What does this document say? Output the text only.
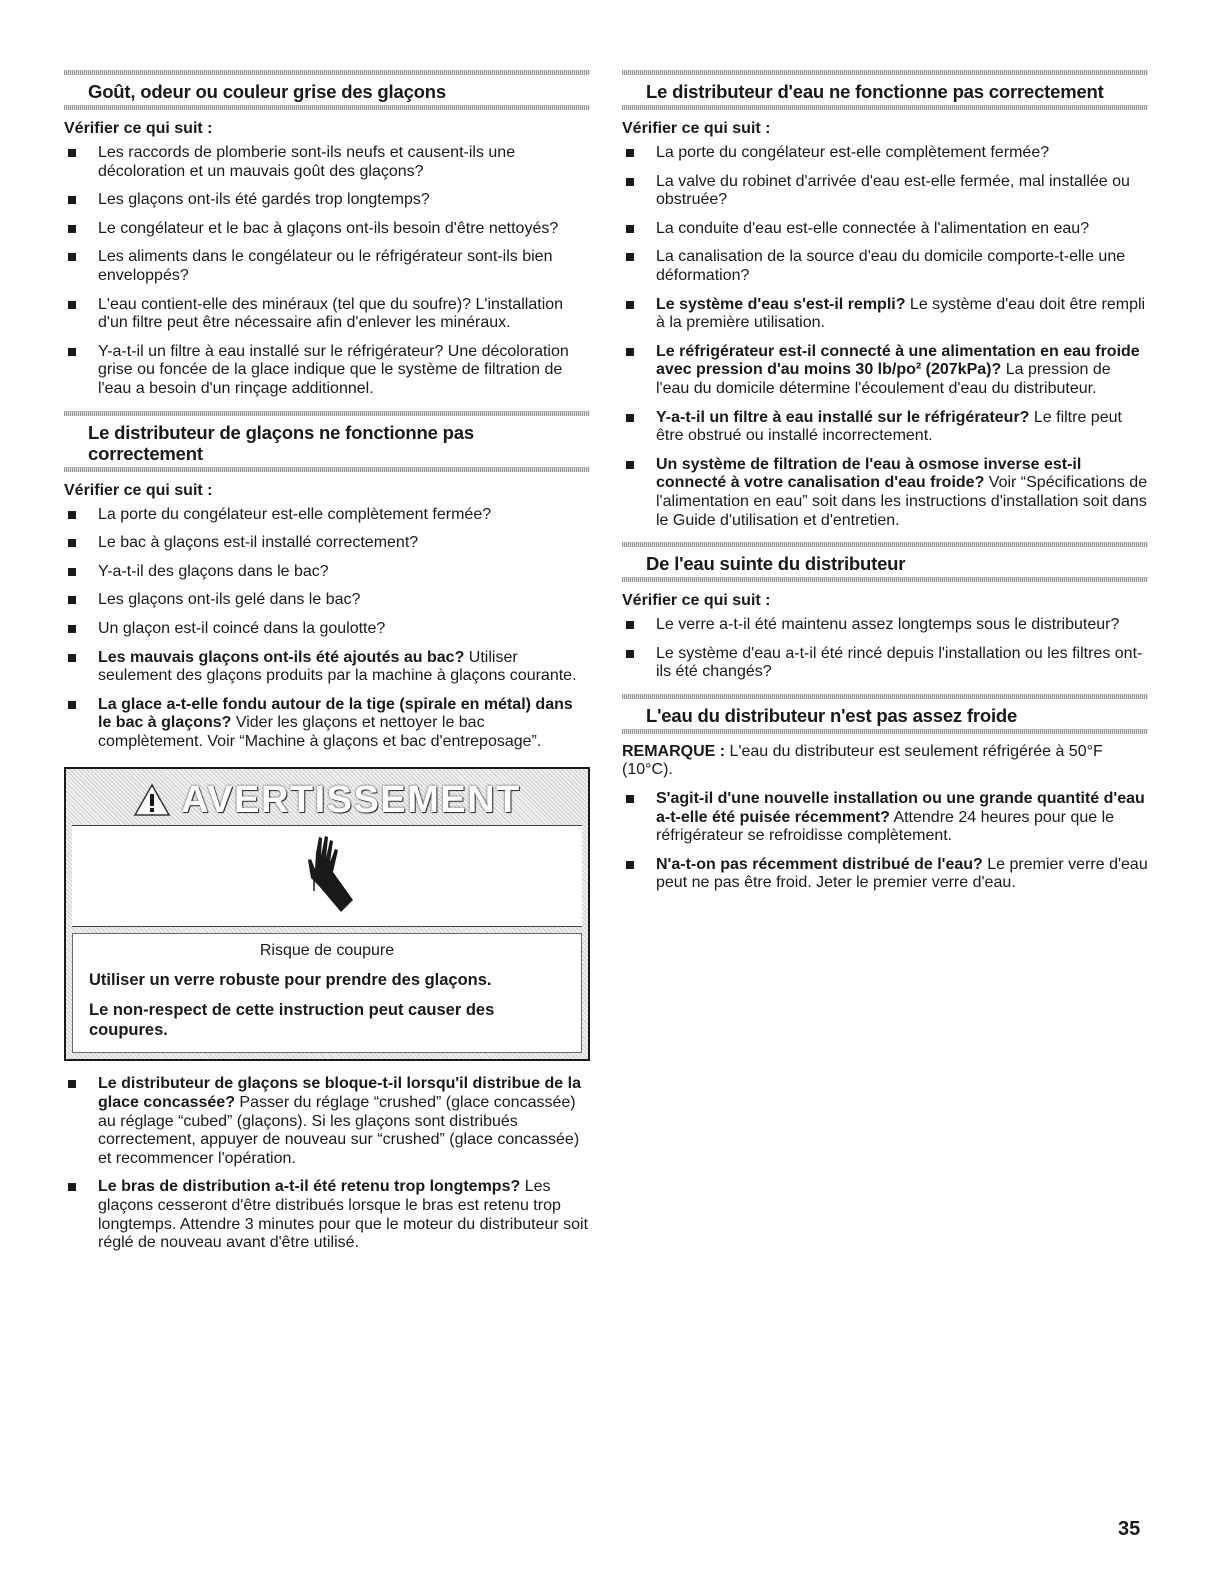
Goût, odeur ou couleur grise des glaçons
Vérifier ce qui suit :
Les raccords de plomberie sont-ils neufs et causent-ils une décoloration et un mauvais goût des glaçons?
Les glaçons ont-ils été gardés trop longtemps?
Le congélateur et le bac à glaçons ont-ils besoin d'être nettoyés?
Les aliments dans le congélateur ou le réfrigérateur sont-ils bien enveloppés?
L'eau contient-elle des minéraux (tel que du soufre)? L'installation d'un filtre peut être nécessaire afin d'enlever les minéraux.
Y-a-t-il un filtre à eau installé sur le réfrigérateur? Une décoloration grise ou foncée de la glace indique que le système de filtration de l'eau a besoin d'un rinçage additionnel.
Le distributeur de glaçons ne fonctionne pas correctement
Vérifier ce qui suit :
La porte du congélateur est-elle complètement fermée?
Le bac à glaçons est-il installé correctement?
Y-a-t-il des glaçons dans le bac?
Les glaçons ont-ils gelé dans le bac?
Un glaçon est-il coincé dans la goulotte?
Les mauvais glaçons ont-ils été ajoutés au bac? Utiliser seulement des glaçons produits par la machine à glaçons courante.
La glace a-t-elle fondu autour de la tige (spirale en métal) dans le bac à glaçons? Vider les glaçons et nettoyer le bac complètement. Voir “Machine à glaçons et bac d'entreposage”.
AVERTISSEMENT

Risque de coupure

Utiliser un verre robuste pour prendre des glaçons.

Le non-respect de cette instruction peut causer des coupures.

Le distributeur de glaçons se bloque-t-il lorsqu'il distribue de la glace concassée? Passer du réglage “crushed” (glace concassée) au réglage “cubed” (glaçons). Si les glaçons sont distribués correctement, appuyer de nouveau sur “crushed” (glace concassée) et recommencer l'opération.
Le bras de distribution a-t-il été retenu trop longtemps? Les glaçons cesseront d'être distribués lorsque le bras est retenu trop longtemps. Attendre 3 minutes pour que le moteur du distributeur soit réglé de nouveau avant d'être utilisé.
Le distributeur d'eau ne fonctionne pas correctement
Vérifier ce qui suit :
La porte du congélateur est-elle complètement fermée?
La valve du robinet d'arrivée d'eau est-elle fermée, mal installée ou obstruée?
La conduite d'eau est-elle connectée à l'alimentation en eau?
La canalisation de la source d'eau du domicile comporte-t-elle une déformation?
Le système d'eau s'est-il rempli? Le système d'eau doit être rempli à la première utilisation.
Le réfrigérateur est-il connecté à une alimentation en eau froide avec pression d'au moins 30 lb/po² (207kPa)? La pression de l'eau du domicile détermine l'écoulement d'eau du distributeur.
Y-a-t-il un filtre à eau installé sur le réfrigérateur? Le filtre peut être obstrué ou installé incorrectement.
Un système de filtration de l'eau à osmose inverse est-il connecté à votre canalisation d'eau froide? Voir “Spécifications de l'alimentation en eau” soit dans les instructions d'installation soit dans le Guide d'utilisation et d'entretien.
De l'eau suinte du distributeur
Vérifier ce qui suit :
Le verre a-t-il été maintenu assez longtemps sous le distributeur?
Le système d'eau a-t-il été rincé depuis l'installation ou les filtres ont-ils été changés?
L'eau du distributeur n'est pas assez froide

REMARQUE : L'eau du distributeur est seulement réfrigérée à 50°F (10°C).

S'agit-il d'une nouvelle installation ou une grande quantité d'eau a-t-elle été puisée récemment? Attendre 24 heures pour que le réfrigérateur se refroidisse complètement.
N'a-t-on pas récemment distribué de l'eau? Le premier verre d'eau peut ne pas être froid. Jeter le premier verre d'eau.
35
